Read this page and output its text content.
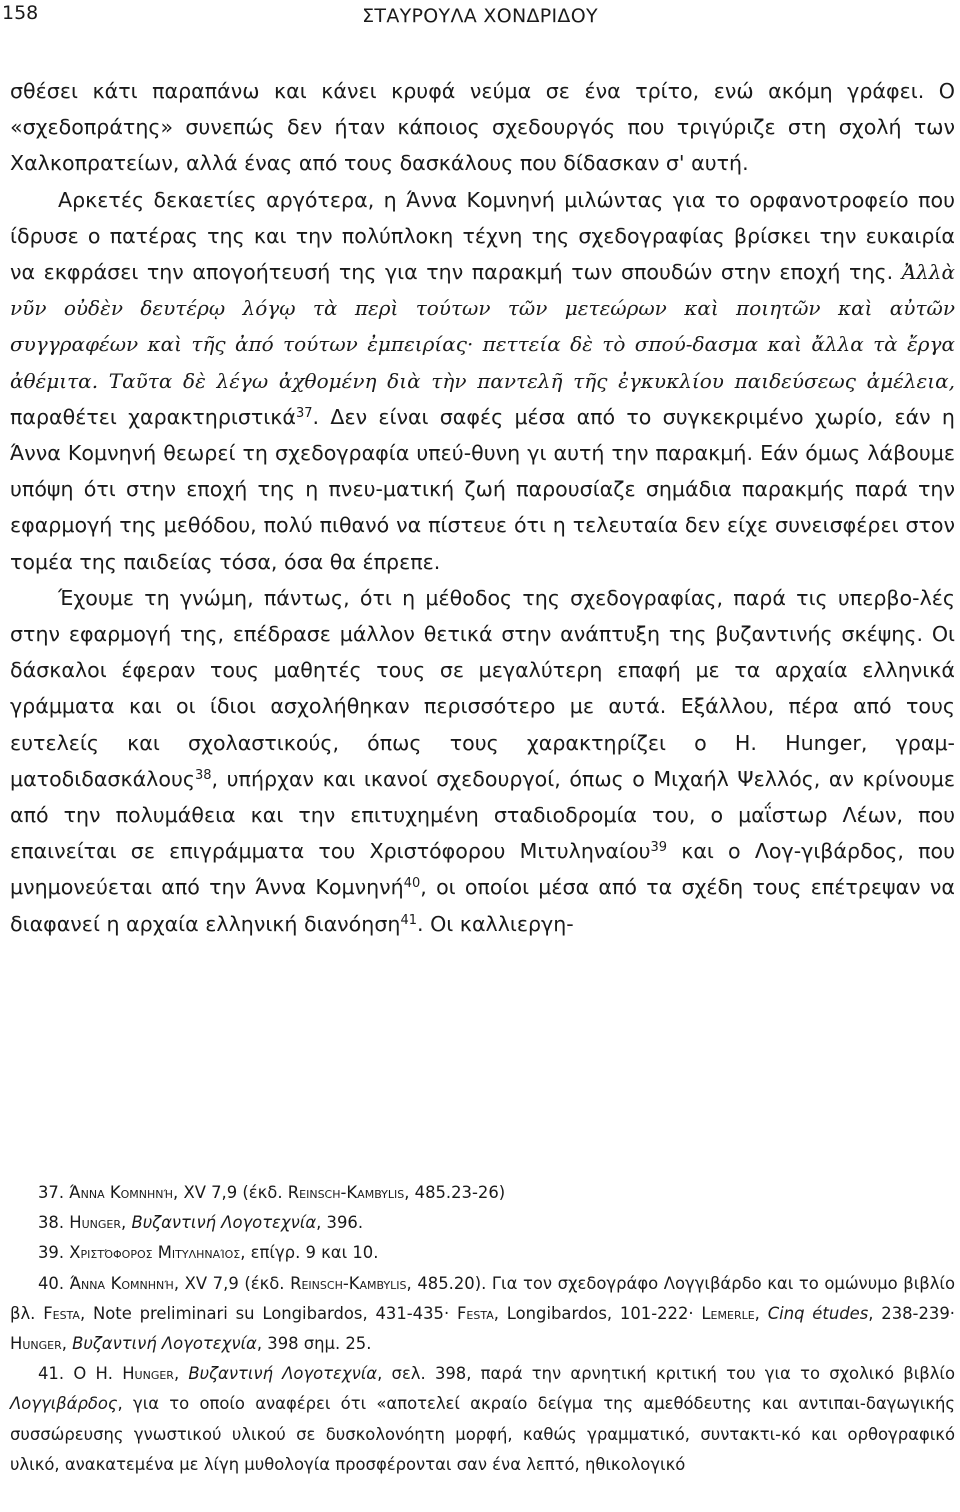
158	ΣΤΑΥΡΟΥΛΑ ΧΟΝΔΡΙΔΟΥ

σθέσει κάτι παραπάνω και κάνει κρυφά νεύμα σε ένα τρίτο, ενώ ακόμη γράφει. Ο «σχεδοπράτης» συνεπώς δεν ήταν κάποιος σχεδουργός που τριγύριζε στη σχολή των Χαλκοπρατείων, αλλά ένας από τους δασκάλους που δίδασκαν σ' αυτή.

Αρκετές δεκαετίες αργότερα, η Άννα Κομνηνή μιλώντας για το ορφανοτροφείο που ίδρυσε ο πατέρας της και την πολύπλοκη τέχνη της σχεδογραφίας βρίσκει την ευκαιρία να εκφράσει την απογοήτευσή της για την παρακμή των σπουδών στην εποχή της. Ἀλλὰ νῦν οὐδὲν δευτέρῳ λόγῳ τὰ περὶ τούτων τῶν μετεώρων καὶ ποιητῶν καὶ αὐτῶν συγγραφέων καὶ τῆς ἀπό τούτων ἐμπειρίας· πεττεία δὲ τὸ σπού-δασμα καὶ ἄλλα τὰ ἔργα ἀθέμιτα. Ταῦτα δὲ λέγω ἀχθομένη διὰ τὴν παντελῆ τῆς ἐγκυκλίου παιδεύσεως ἀμέλεια, παραθέτει χαρακτηριστικά$^{37}$. Δεν είναι σαφές μέσα από το συγκεκριμένο χωρίο, εάν η Άννα Κομνηνή θεωρεί τη σχεδογραφία υπεύ-θυνη γι αυτή την παρακμή. Εάν όμως λάβουμε υπόψη ότι στην εποχή της η πνευ-ματική ζωή παρουσίαζε σημάδια παρακμής παρά την εφαρμογή της μεθόδου, πολύ πιθανό να πίστευε ότι η τελευταία δεν είχε συνεισφέρει στον τομέα της παιδείας τόσα, όσα θα έπρεπε.

Έχουμε τη γνώμη, πάντως, ότι η μέθοδος της σχεδογραφίας, παρά τις υπερβο-λές στην εφαρμογή της, επέδρασε μάλλον θετικά στην ανάπτυξη της βυζαντινής σκέψης. Οι δάσκαλοι έφεραν τους μαθητές τους σε μεγαλύτερη επαφή με τα αρχαία ελληνικά γράμματα και οι ίδιοι ασχολήθηκαν περισσότερο με αυτά. Εξάλλου, πέρα από τους ευτελείς και σχολαστικούς, όπως τους χαρακτηρίζει ο Η. Hunger, γραμ-ματοδιδασκάλους$^{38}$, υπήρχαν και ικανοί σχεδουργοί, όπως ο Μιχαήλ Ψελλός, αν κρίνουμε από την πολυμάθεια και την επιτυχημένη σταδιοδρομία του, ο μαΐστωρ Λέων, που επαινείται σε επιγράμματα του Χριστόφορου Μιτυληναίου$^{39}$ και ο Λογ-γιβάρδος, που μνημονεύεται από την Άννα Κομνηνή$^{40}$, οι οποίοι μέσα από τα σχέδη τους επέτρεψαν να διαφανεί η αρχαία ελληνική διανόηση$^{41}$. Οι καλλιεργη-

37. Άννα Κομνηνή, XV 7,9 (έκδ. Reinsch-Kambylis, 485.23-26)

38. Hunger, Βυζαντινή Λογοτεχνία, 396.

39. Χριστόφορος Μιτυληναίος, επίγρ. 9 και 10.

40. Άννα Κομνηνή, XV 7,9 (έκδ. Reinsch-Kambylis, 485.20). Για τον σχεδογράφο Λογγιβάρδο και το ομώνυμο βιβλίο βλ. Festa, Note preliminari su Longibardos, 431-435· Festa, Longibardos, 101-222· Lemerle, Cinq études, 238-239· Hunger, Βυζαντινή Λογοτεχνία, 398 σημ. 25.

41. Ο Η. Hunger, Βυζαντινή Λογοτεχνία, σελ. 398, παρά την αρνητική κριτική του για το σχολικό βιβλίο Λογγιβάρδος, για το οποίο αναφέρει ότι «αποτελεί ακραίο δείγμα της αμεθόδευτης και αντιπαι-δαγωγικής συσσώρευσης γνωστικού υλικού σε δυσκολονόητη μορφή, καθώς γραμματικό, συντακτι-κό και ορθογραφικό υλικό, ανακατεμένα με λίγη μυθολογία προσφέρονται σαν ένα λεπτό, ηθικολογικό
